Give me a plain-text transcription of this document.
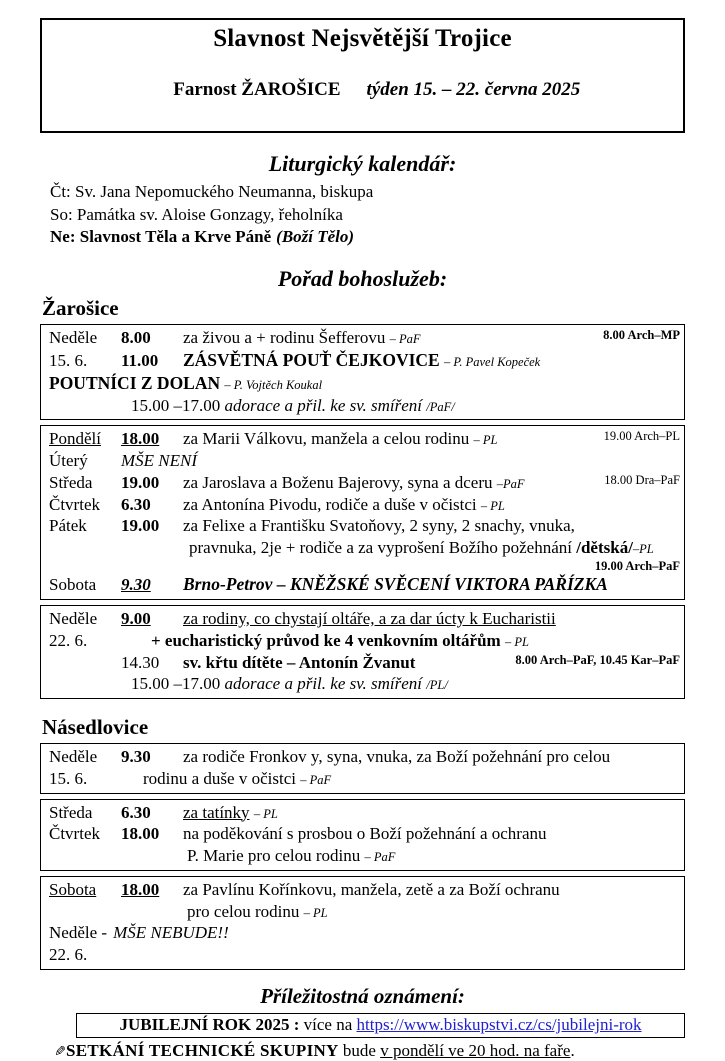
Slavnost Nejsvětější Trojice

Farnost ŽAROŠICE týden 15. – 22. června 2025

Liturgický kalendář:
Čt: Sv. Jana Nepomuckého Neumanna, biskupa
So: Památka sv. Aloise Gonzagy, řeholníka
Ne: Slavnost Těla a Krve Páně (Boží Tělo)
Pořad bohoslužeb:
Žarošice
Neděle	8.00	za živou a + rodinu Šefferovu – PaF	8.00 Arch–MP
15. 6.	11.00	ZÁSVĚTNÁ POUŤ ČEJKOVICE – P. Pavel Kopeček
POUTNÍCI Z DOLAN – P. Vojtěch Koukal
15.00 –17.00 adorace a přil. ke sv. smíření /PaF/
Pondělí	18.00	za Marii Válkovu, manžela a celou rodinu – PL	19.00 Arch–PL
Úterý	MŠE NENÍ
Středa	19.00	za Jaroslava a Boženu Bajerovy, syna a dceru –PaF	18.00 Dra–PaF
Čtvrtek	6.30	za Antonína Pivodu, rodiče a duše v očistci – PL
Pátek	19.00	za Felixe a Františku Svatoňovy, 2 syny, 2 snachy, vnuka,
pravnuka, 2je + rodiče a za vyprošení Božího požehnání /dětská/–PL
19.00 Arch–PaF
Sobota	9.30	Brno-Petrov – KNĚŽSKÉ SVĚCENÍ VIKTORA PAŘÍZKA
Neděle	9.00	za rodiny, co chystají oltáře, a za dar úcty k Eucharistii
22. 6.	+ eucharistický průvod ke 4 venkovním oltářům – PL
14.30	sv. křtu dítěte – Antonín Žvanut	8.00 Arch–PaF, 10.45 Kar–PaF
15.00 –17.00 adorace a přil. ke sv. smíření /PL/
Násedlovice
Neděle	9.30	za rodiče Fronkov y, syna, vnuka, za Boží požehnání pro celou
15. 6.	rodinu a duše v očistci – PaF
Středa	6.30	za tatínky – PL
Čtvrtek	18.00	na poděkování s prosbou o Boží požehnání a ochranu
P. Marie pro celou rodinu – PaF
Sobota	18.00	za Pavlínu Kořínkovu, manžela, zetě a za Boží ochranu
pro celou rodinu – PL
Neděle - MŠE NEBUDE!!
22. 6.
Příležitostná oznámení:
JUBILEJNÍ ROK 2025 : více na https://www.biskupstvi.cz/cs/jubilejni-rok
✎ SETKÁNÍ TECHNICKÉ SKUPINY
bude
v pondělí ve 20 hod. na faře .
